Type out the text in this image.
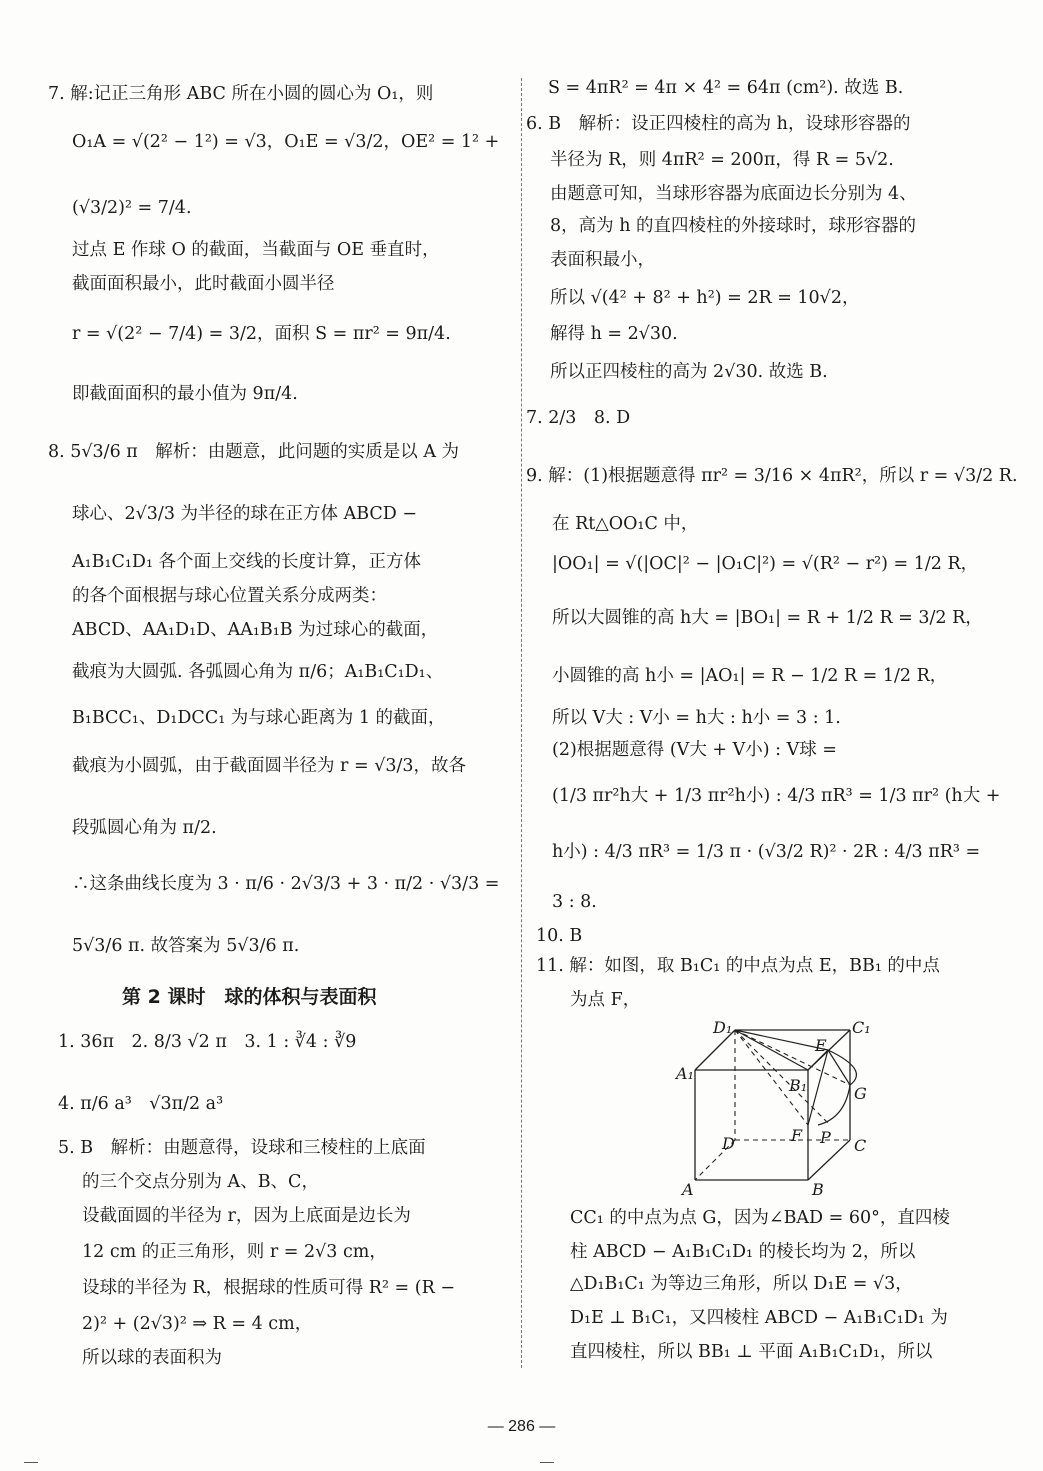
7. 解:记正三角形 ABC 所在小圆的圆心为 O₁，则
O₁A = √(2² − 1²) = √3，O₁E = √3/2，OE² = 1² +
(√3/2)² = 7/4.
过点 E 作球 O 的截面，当截面与 OE 垂直时，
截面面积最小，此时截面小圆半径
r = √(2² − 7/4) = 3/2，面积 S = πr² = 9π/4.
即截面面积的最小值为 9π/4.
8. 5√3/6 π　解析：由题意，此问题的实质是以 A 为
球心、2√3/3 为半径的球在正方体 ABCD −
A₁B₁C₁D₁ 各个面上交线的长度计算，正方体
的各个面根据与球心位置关系分成两类：
ABCD、AA₁D₁D、AA₁B₁B 为过球心的截面，
截痕为大圆弧. 各弧圆心角为 π/6；A₁B₁C₁D₁、
B₁BCC₁、D₁DCC₁ 为与球心距离为 1 的截面，
截痕为小圆弧，由于截面圆半径为 r = √3/3，故各
段弧圆心角为 π/2.
∴这条曲线长度为 3 · π/6 · 2√3/3 + 3 · π/2 · √3/3 =
5√3/6 π. 故答案为 5√3/6 π.
第 2 课时　球的体积与表面积
1. 36π　2. 8/3 √2 π　3. 1 : ∛4 : ∛9
4. π/6 a³　√3π/2 a³
5. B　解析：由题意得，设球和三棱柱的上底面
的三个交点分别为 A、B、C，
设截面圆的半径为 r，因为上底面是边长为
12 cm 的正三角形，则 r = 2√3 cm，
设球的半径为 R，根据球的性质可得 R² = (R −
2)² + (2√3)² ⇒ R = 4 cm，
所以球的表面积为
S = 4πR² = 4π × 4² = 64π (cm²). 故选 B.
6. B　解析：设正四棱柱的高为 h，设球形容器的
半径为 R，则 4πR² = 200π，得 R = 5√2.
由题意可知，当球形容器为底面边长分别为 4、
8，高为 h 的直四棱柱的外接球时，球形容器的
表面积最小，
所以 √(4² + 8² + h²) = 2R = 10√2，
解得 h = 2√30.
所以正四棱柱的高为 2√30. 故选 B.
7. 2/3　8. D
9. 解：(1)根据题意得 πr² = 3/16 × 4πR²，所以 r = √3/2 R.
在 Rt△OO₁C 中，
|OO₁| = √(|OC|² − |O₁C|²) = √(R² − r²) = 1/2 R，
所以大圆锥的高 h大 = |BO₁| = R + 1/2 R = 3/2 R，
小圆锥的高 h小 = |AO₁| = R − 1/2 R = 1/2 R，
所以 V大 : V小 = h大 : h小 = 3 : 1.
(2)根据题意得 (V大 + V小) : V球 =
(1/3 πr²h大 + 1/3 πr²h小) : 4/3 πR³ = 1/3 πr² (h大 +
h小) : 4/3 πR³ = 1/3 π · (√3/2 R)² · 2R : 4/3 πR³ =
3 : 8.
10. B
11. 解：如图，取 B₁C₁ 的中点为点 E，BB₁ 的中点
为点 F，
CC₁ 的中点为点 G，因为∠BAD = 60°，直四棱
柱 ABCD − A₁B₁C₁D₁ 的棱长均为 2，所以
△D₁B₁C₁ 为等边三角形，所以 D₁E = √3，
D₁E ⊥ B₁C₁，又四棱柱 ABCD − A₁B₁C₁D₁ 为
直四棱柱，所以 BB₁ ⊥ 平面 A₁B₁C₁D₁，所以
D₁	C₁
E
A₁
B₁	G
D	F P C
A	B
— 286 —
